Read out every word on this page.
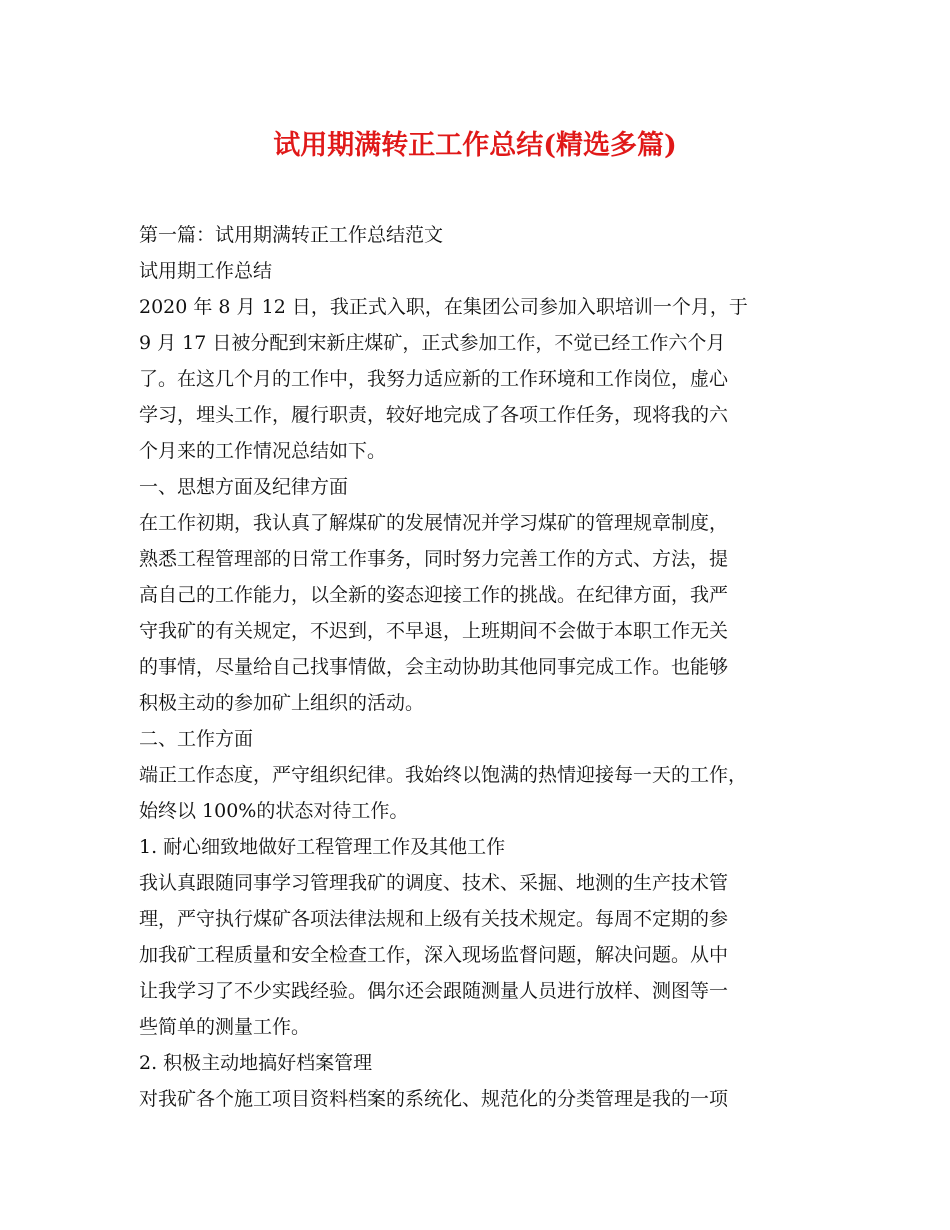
试用期满转正工作总结(精选多篇)

第一篇：试用期满转正工作总结范文

试用期工作总结

2020 年 8 月 12 日，我正式入职，在集团公司参加入职培训一个月，于

9 月 17 日被分配到宋新庄煤矿，正式参加工作，不觉已经工作六个月

了。在这几个月的工作中，我努力适应新的工作环境和工作岗位，虚心

学习，埋头工作，履行职责，较好地完成了各项工作任务，现将我的六

个月来的工作情况总结如下。

一、思想方面及纪律方面

在工作初期，我认真了解煤矿的发展情况并学习煤矿的管理规章制度，

熟悉工程管理部的日常工作事务，同时努力完善工作的方式、方法，提

高自己的工作能力，以全新的姿态迎接工作的挑战。在纪律方面，我严

守我矿的有关规定，不迟到，不早退，上班期间不会做于本职工作无关

的事情，尽量给自己找事情做，会主动协助其他同事完成工作。也能够

积极主动的参加矿上组织的活动。

二、工作方面

端正工作态度，严守组织纪律。我始终以饱满的热情迎接每一天的工作，

始终以 100%的状态对待工作。

1. 耐心细致地做好工程管理工作及其他工作

我认真跟随同事学习管理我矿的调度、技术、采掘、地测的生产技术管

理，严守执行煤矿各项法律法规和上级有关技术规定。每周不定期的参

加我矿工程质量和安全检查工作，深入现场监督问题，解决问题。从中

让我学习了不少实践经验。偶尔还会跟随测量人员进行放样、测图等一

些简单的测量工作。

2. 积极主动地搞好档案管理

对我矿各个施工项目资料档案的系统化、规范化的分类管理是我的一项
